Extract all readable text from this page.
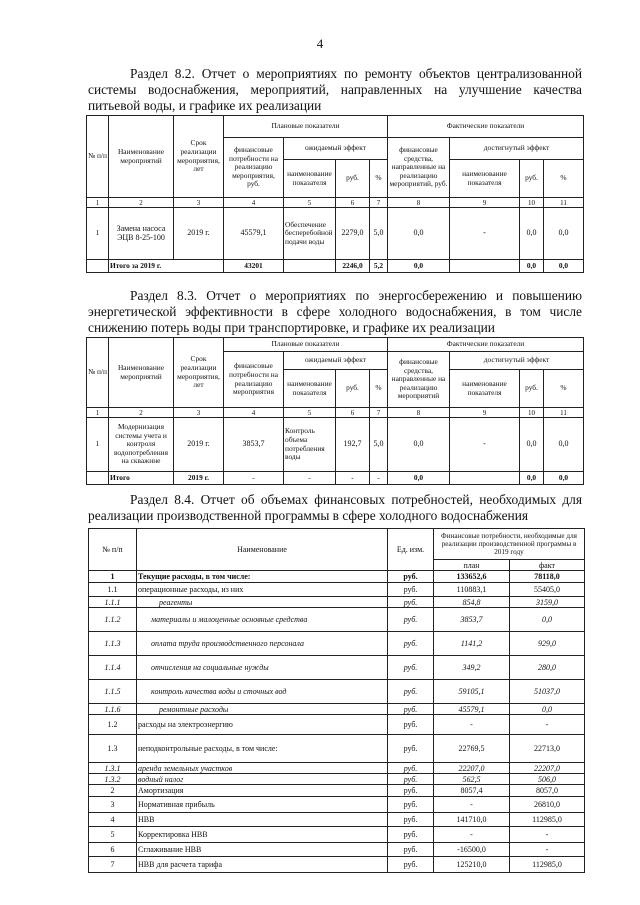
4
Раздел 8.2. Отчет о мероприятиях по ремонту объектов централизованной системы водоснабжения, мероприятий, направленных на улучшение качества питьевой воды, и графике их реализации
№ п/п	Наименование мероприятий	Срок реализации мероприятия, лет	Плановые показатели				Фактические показатели			
			финансовые потребности на реализацию мероприятия, руб.	ожидаемый эффект			финансовые средства, направленные на реализацию мероприятий, руб.	достигнутый эффект		
				наименование показателя	руб.	%		наименование показателя	руб.	%
1	2	3	4	5	6	7	8	9	10	11
1	Замена насоса ЭЦВ 8-25-100	2019 г.	45579,1	Обеспечение бесперебойной подачи воды	2279,0	5,0	0,0	-	0,0	0,0
	Итого за 2019 г.		43201		2246,0	5,2	0,0		0,0	0,0
Раздел 8.3. Отчет о мероприятиях по энергосбережению и повышению энергетической эффективности в сфере холодного водоснабжения, в том числе снижению потерь воды при транспортировке, и графике их реализации
№ п/п	Наименование мероприятий	Срок реализации мероприятия, лет	Плановые показатели				Фактические показатели			
			финансовые потребности на реализацию мероприятия	ожидаемый эффект			финансовые средства, направленные на реализацию мероприятий	достигнутый эффект		
				наименование показателя	руб.	%		наименование показателя	руб.	%
1	2	3	4	5	6	7	8	9	10	11
1	Модернизация системы учета и контроля водопотребления на скважине	2019 г.	3853,7	Контроль объема потребления воды	192,7	5,0	0,0	-	0,0	0,0
	Итого	2019 г.	-	-	-	-	0,0		0,0	0,0
Раздел 8.4. Отчет об объемах финансовых потребностей, необходимых для реализации производственной программы в сфере холодного водоснабжения
№ п/п	Наименование	Ед. изм.	Финансовые потребности, необходимые для реализации производственной программы в 2019 году	
			план	факт
1	Текущие расходы, в том числе:	руб.	133652,6	78118,0
1.1	операционные расходы, из них	руб.	110883,1	55405,0
1.1.1	реагенты	руб.	854,8	3159,0
1.1.2	материалы и малоценные основные средства	руб.	3853,7	0,0
1.1.3	оплата труда производственного персонала	руб.	1141,2	929,0
1.1.4	отчисления на социальные нужды	руб.	349,2	280,0
1.1.5	контроль качества воды и сточных вод	руб.	59105,1	51037,0
1.1.6	ремонтные расходы	руб.	45579,1	0,0
1.2	расходы на электроэнергию	руб.	-	-
1.3	неподконтрольные расходы, в том числе:	руб.	22769,5	22713,0
1.3.1	аренда земельных участков	руб.	22207,0	22207,0
1.3.2	водный налог	руб.	562,5	506,0
2	Амортизация	руб.	8057,4	8057,0
3	Нормативная прибыль	руб.	-	26810,0
4	НВВ	руб.	141710,0	112985,0
5	Корректировка НВВ	руб.	-	-
6	Сглаживание НВВ	руб.	-16500,0	-
7	НВВ для расчета тарифа	руб.	125210,0	112985,0
